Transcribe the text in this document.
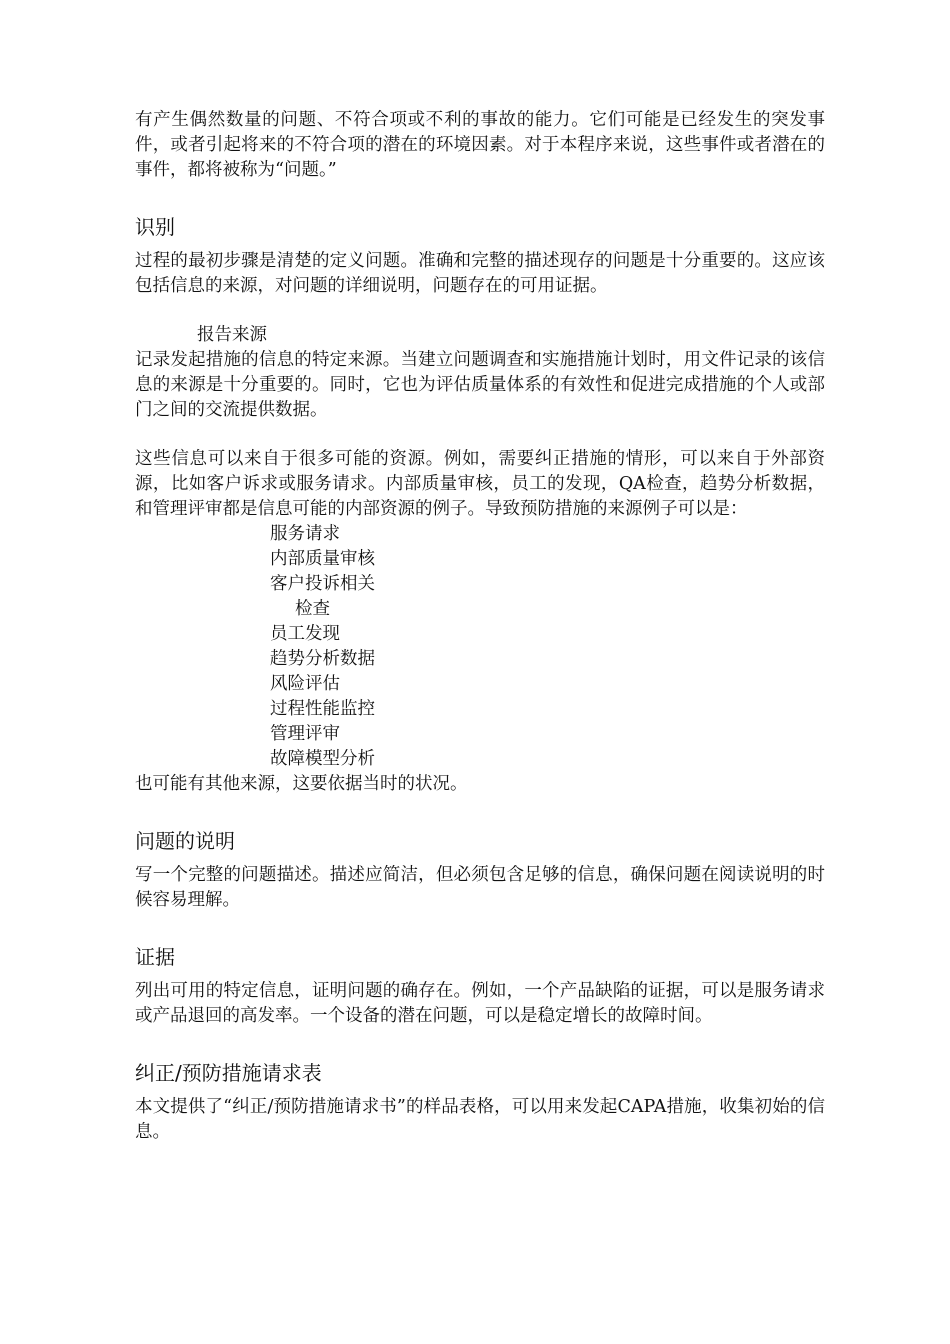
有产生偶然数量的问题、不符合项或不利的事故的能力。它们可能是已经发生的突发事件，或者引起将来的不符合项的潜在的环境因素。对于本程序来说，这些事件或者潜在的事件，都将被称为“问题。”

识别

过程的最初步骤是清楚的定义问题。准确和完整的描述现存的问题是十分重要的。这应该包括信息的来源，对问题的详细说明，问题存在的可用证据。

报告来源

记录发起措施的信息的特定来源。当建立问题调查和实施措施计划时，用文件记录的该信息的来源是十分重要的。同时，它也为评估质量体系的有效性和促进完成措施的个人或部门之间的交流提供数据。

这些信息可以来自于很多可能的资源。例如，需要纠正措施的情形，可以来自于外部资源，比如客户诉求或服务请求。内部质量审核，员工的发现，QA检查，趋势分析数据，和管理评审都是信息可能的内部资源的例子。导致预防措施的来源例子可以是：

服务请求
内部质量审核
客户投诉相关
检查
员工发现
趋势分析数据
风险评估
过程性能监控
管理评审
故障模型分析

也可能有其他来源，这要依据当时的状况。

问题的说明

写一个完整的问题描述。描述应简洁，但必须包含足够的信息，确保问题在阅读说明的时候容易理解。

证据

列出可用的特定信息，证明问题的确存在。例如，一个产品缺陷的证据，可以是服务请求或产品退回的高发率。一个设备的潜在问题，可以是稳定增长的故障时间。

纠正/预防措施请求表

本文提供了“纠正/预防措施请求书”的样品表格，可以用来发起CAPA措施，收集初始的信息。
